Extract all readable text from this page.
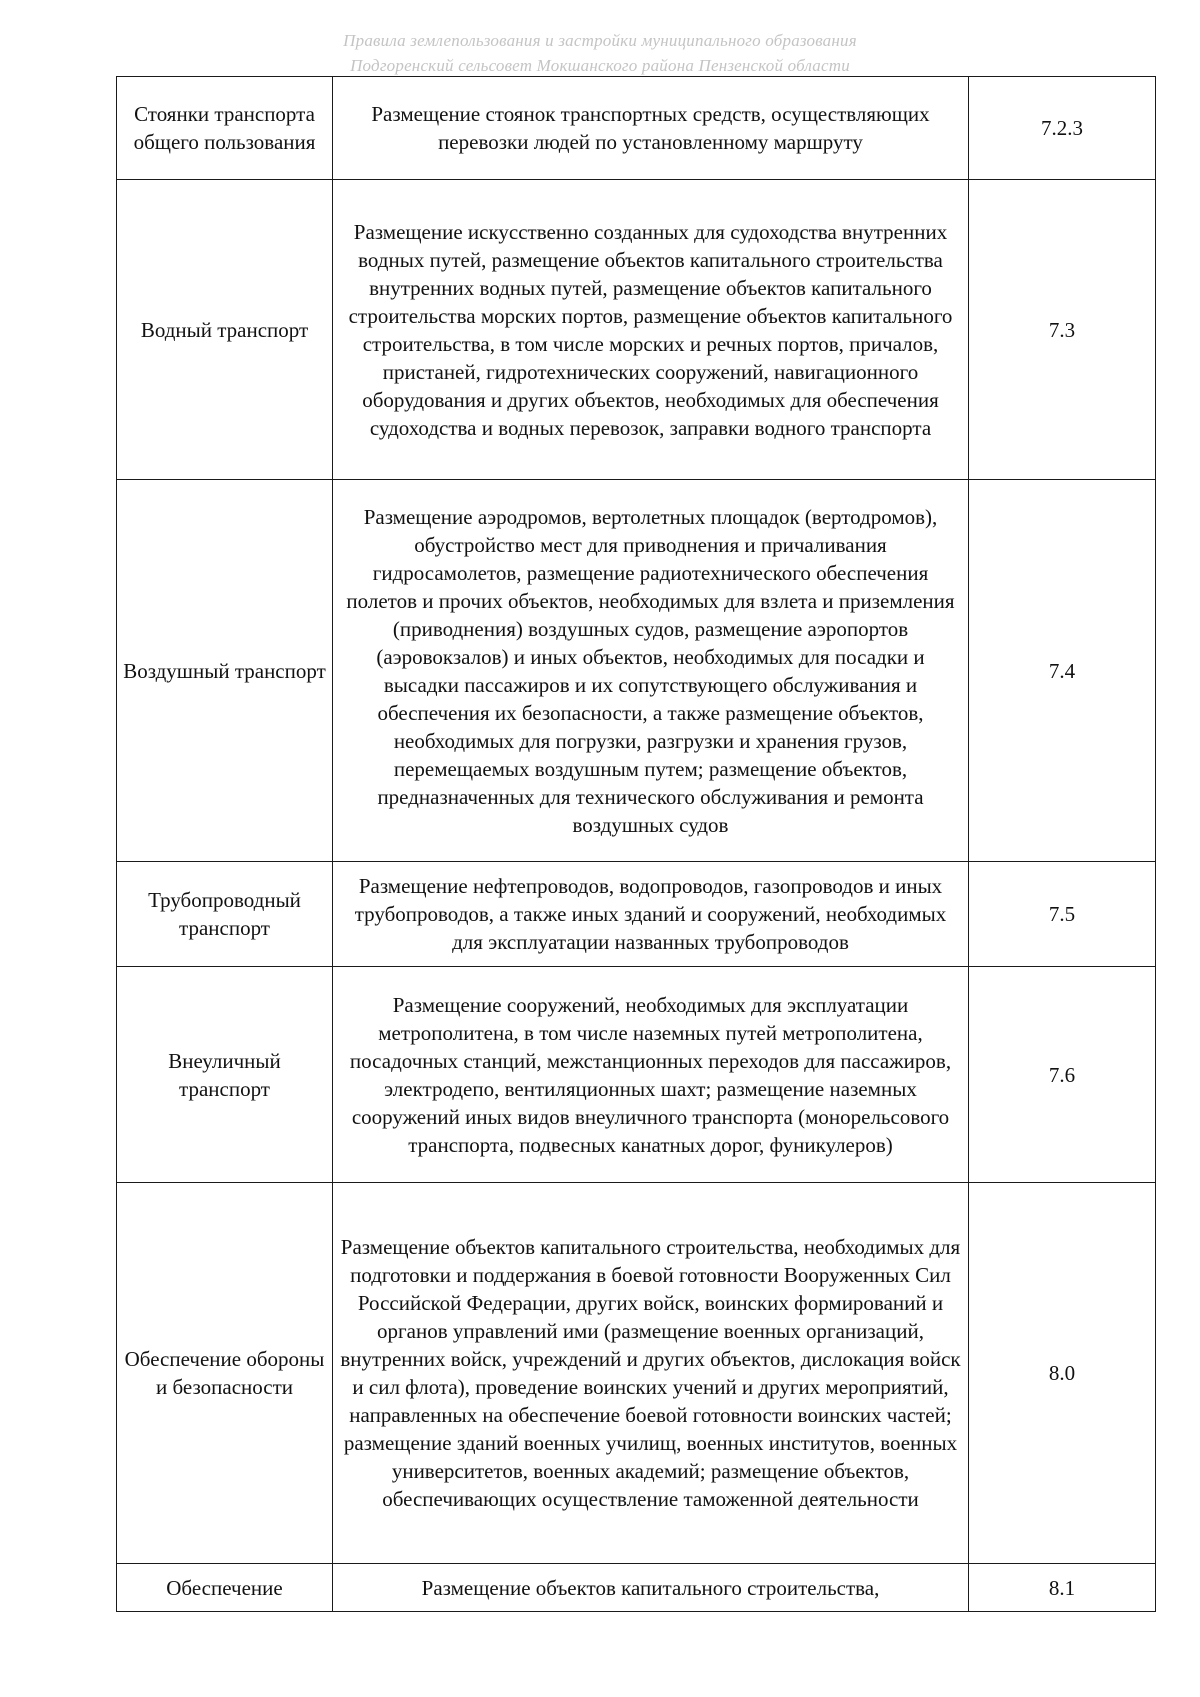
Правила землепользования и застройки муниципального образования
Подгоренский сельсовет Мокшанского района Пензенской области
Стоянки транспорта общего пользования	Размещение стоянок транспортных средств, осуществляющих перевозки людей по установленному маршруту	7.2.3
Водный транспорт	Размещение искусственно созданных для судоходства внутренних водных путей, размещение объектов капитального строительства внутренних водных путей, размещение объектов капитального строительства морских портов, размещение объектов капитального строительства, в том числе морских и речных портов, причалов, пристаней, гидротехнических сооружений, навигационного оборудования и других объектов, необходимых для обеспечения судоходства и водных перевозок, заправки водного транспорта	7.3
Воздушный транспорт	Размещение аэродромов, вертолетных площадок (вертодромов), обустройство мест для приводнения и причаливания гидросамолетов, размещение радиотехнического обеспечения полетов и прочих объектов, необходимых для взлета и приземления (приводнения) воздушных судов, размещение аэропортов (аэровокзалов) и иных объектов, необходимых для посадки и высадки пассажиров и их сопутствующего обслуживания и обеспечения их безопасности, а также размещение объектов, необходимых для погрузки, разгрузки и хранения грузов, перемещаемых воздушным путем; размещение объектов, предназначенных для технического обслуживания и ремонта воздушных судов	7.4
Трубопроводный транспорт	Размещение нефтепроводов, водопроводов, газопроводов и иных трубопроводов, а также иных зданий и сооружений, необходимых для эксплуатации названных трубопроводов	7.5
Внеуличный транспорт	Размещение сооружений, необходимых для эксплуатации метрополитена, в том числе наземных путей метрополитена, посадочных станций, межстанционных переходов для пассажиров, электродепо, вентиляционных шахт; размещение наземных сооружений иных видов внеуличного транспорта (монорельсового транспорта, подвесных канатных дорог, фуникулеров)	7.6
Обеспечение обороны и безопасности	Размещение объектов капитального строительства, необходимых для подготовки и поддержания в боевой готовности Вооруженных Сил Российской Федерации, других войск, воинских формирований и органов управлений ими (размещение военных организаций, внутренних войск, учреждений и других объектов, дислокация войск и сил флота), проведение воинских учений и других мероприятий, направленных на обеспечение боевой готовности воинских частей; размещение зданий военных училищ, военных институтов, военных университетов, военных академий; размещение объектов, обеспечивающих осуществление таможенной деятельности	8.0
Обеспечение	Размещение объектов капитального строительства,	8.1
